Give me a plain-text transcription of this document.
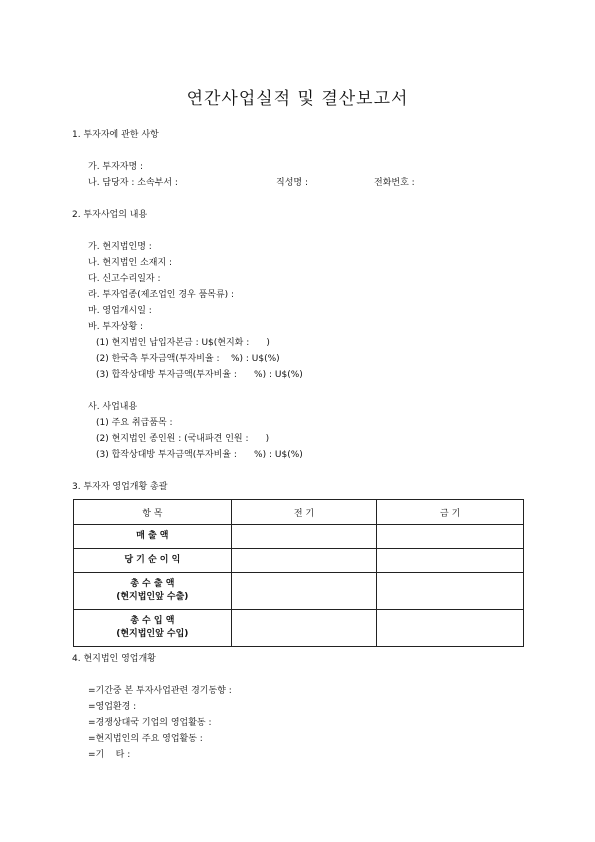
연간사업실적 및 결산보고서
1. 투자자에 관한 사항
가. 투자자명 :
나. 담당자 : 소속부서 :	직성명 :	전화번호 :
2. 투자사업의 내용
가. 현지법인명 :
나. 현지법인 소재지 :
다. 신고수리일자 :
라. 투자업종(제조업인 경우 품목류) :
마. 영업개시일 :
바. 투자상황 :
(1) 현지법인 납입자본금 : U$(현지화 :      )
(2) 한국측 투자금액(투자비율 :    %) : U$(%)
(3) 합작상대방 투자금액(투자비율 :      %) : U$(%)
사. 사업내용
(1) 주요 취급품목 :
(2) 현지법인 종인원 : (국내파견 인원 :      )
(3) 합작상대방 투자금액(투자비율 :      %) : U$(%)
3. 투자자 영업개황 총괄
항 목	전 기	금 기

매 출 액		

당 기 순 이 익		

총 수 출 액
(현지법인앞 수출)		

총 수 입 액
(현지법인앞 수입)		

4. 현지법인 영업개황
=기간중 본 투자사업관련 경기동향 :
=영업환경 :
=경쟁상대국 기업의 영업활동 :
=현지법인의 주요 영업활동 :
=기    타 :
